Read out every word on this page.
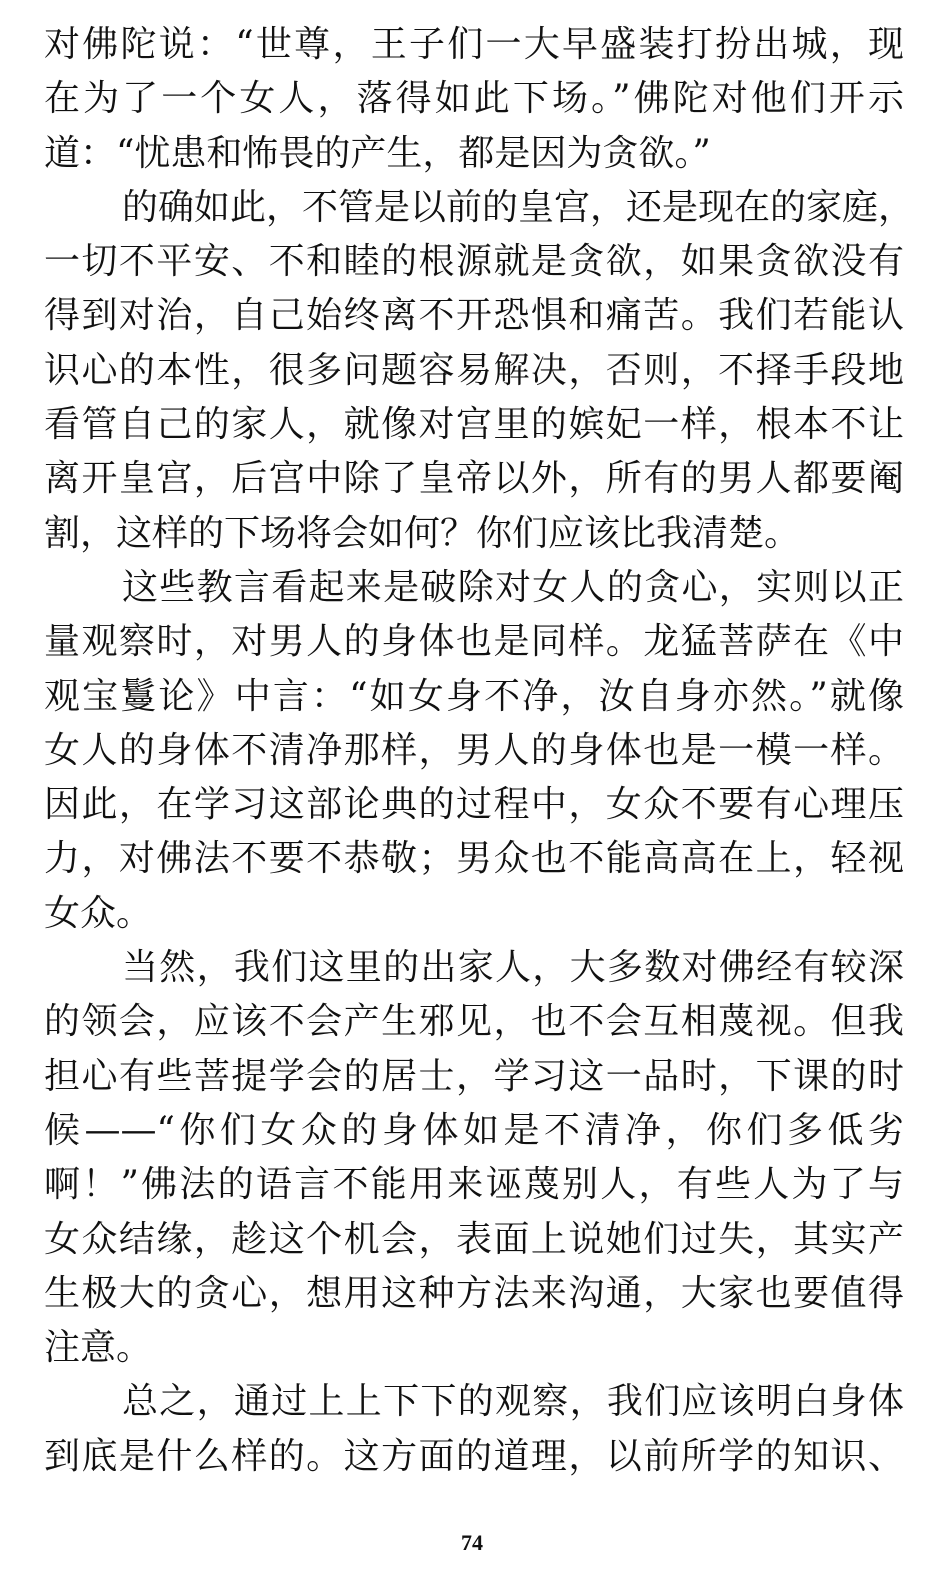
对佛陀说：“世尊，王子们一大早盛装打扮出城，现
在为了一个女人，落得如此下场。”佛陀对他们开示
道：“忧患和怖畏的产生，都是因为贪欲。”
的确如此，不管是以前的皇宫，还是现在的家庭，
一切不平安、不和睦的根源就是贪欲，如果贪欲没有
得到对治，自己始终离不开恐惧和痛苦。我们若能认
识心的本性，很多问题容易解决，否则，不择手段地
看管自己的家人，就像对宫里的嫔妃一样，根本不让
离开皇宫，后宫中除了皇帝以外，所有的男人都要阉
割，这样的下场将会如何？你们应该比我清楚。
这些教言看起来是破除对女人的贪心，实则以正
量观察时，对男人的身体也是同样。龙猛菩萨在《中
观宝鬘论》中言：“如女身不净，汝自身亦然。”就像
女人的身体不清净那样，男人的身体也是一模一样。
因此，在学习这部论典的过程中，女众不要有心理压
力，对佛法不要不恭敬；男众也不能高高在上，轻视
女众。
当然，我们这里的出家人，大多数对佛经有较深
的领会，应该不会产生邪见，也不会互相蔑视。但我
担心有些菩提学会的居士，学习这一品时，下课的时
候——“你们女众的身体如是不清净，你们多低劣
啊！”佛法的语言不能用来诬蔑别人，有些人为了与
女众结缘，趁这个机会，表面上说她们过失，其实产
生极大的贪心，想用这种方法来沟通，大家也要值得
注意。
总之，通过上上下下的观察，我们应该明白身体
到底是什么样的。这方面的道理，以前所学的知识、
74
